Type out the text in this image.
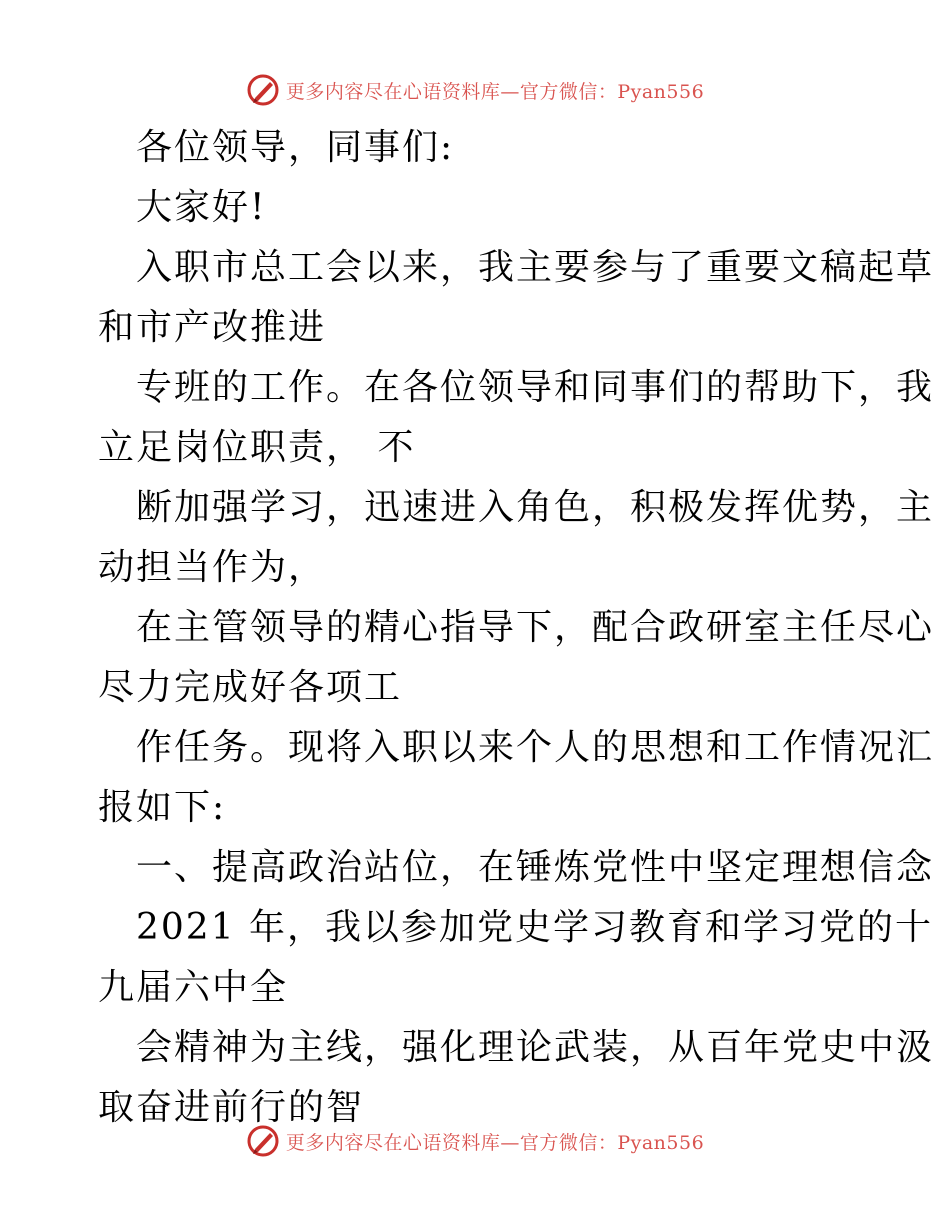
更多内容尽在心语资料库—官方微信：Pyan556
各位领导，同事们:
大家好!
入职市总工会以来，我主要参与了重要文稿起草
和市产改推进
专班的工作。在各位领导和同事们的帮助下，我
立足岗位职责， 不
断加强学习，迅速进入角色，积极发挥优势，主
动担当作为，
在主管领导的精心指导下，配合政研室主任尽心
尽力完成好各项工
作任务。现将入职以来个人的思想和工作情况汇
报如下:
一、提高政治站位，在锤炼党性中坚定理想信念
2021 年，我以参加党史学习教育和学习党的十
九届六中全
会精神为主线，强化理论武装，从百年党史中汲
取奋进前行的智
更多内容尽在心语资料库—官方微信：Pyan556
